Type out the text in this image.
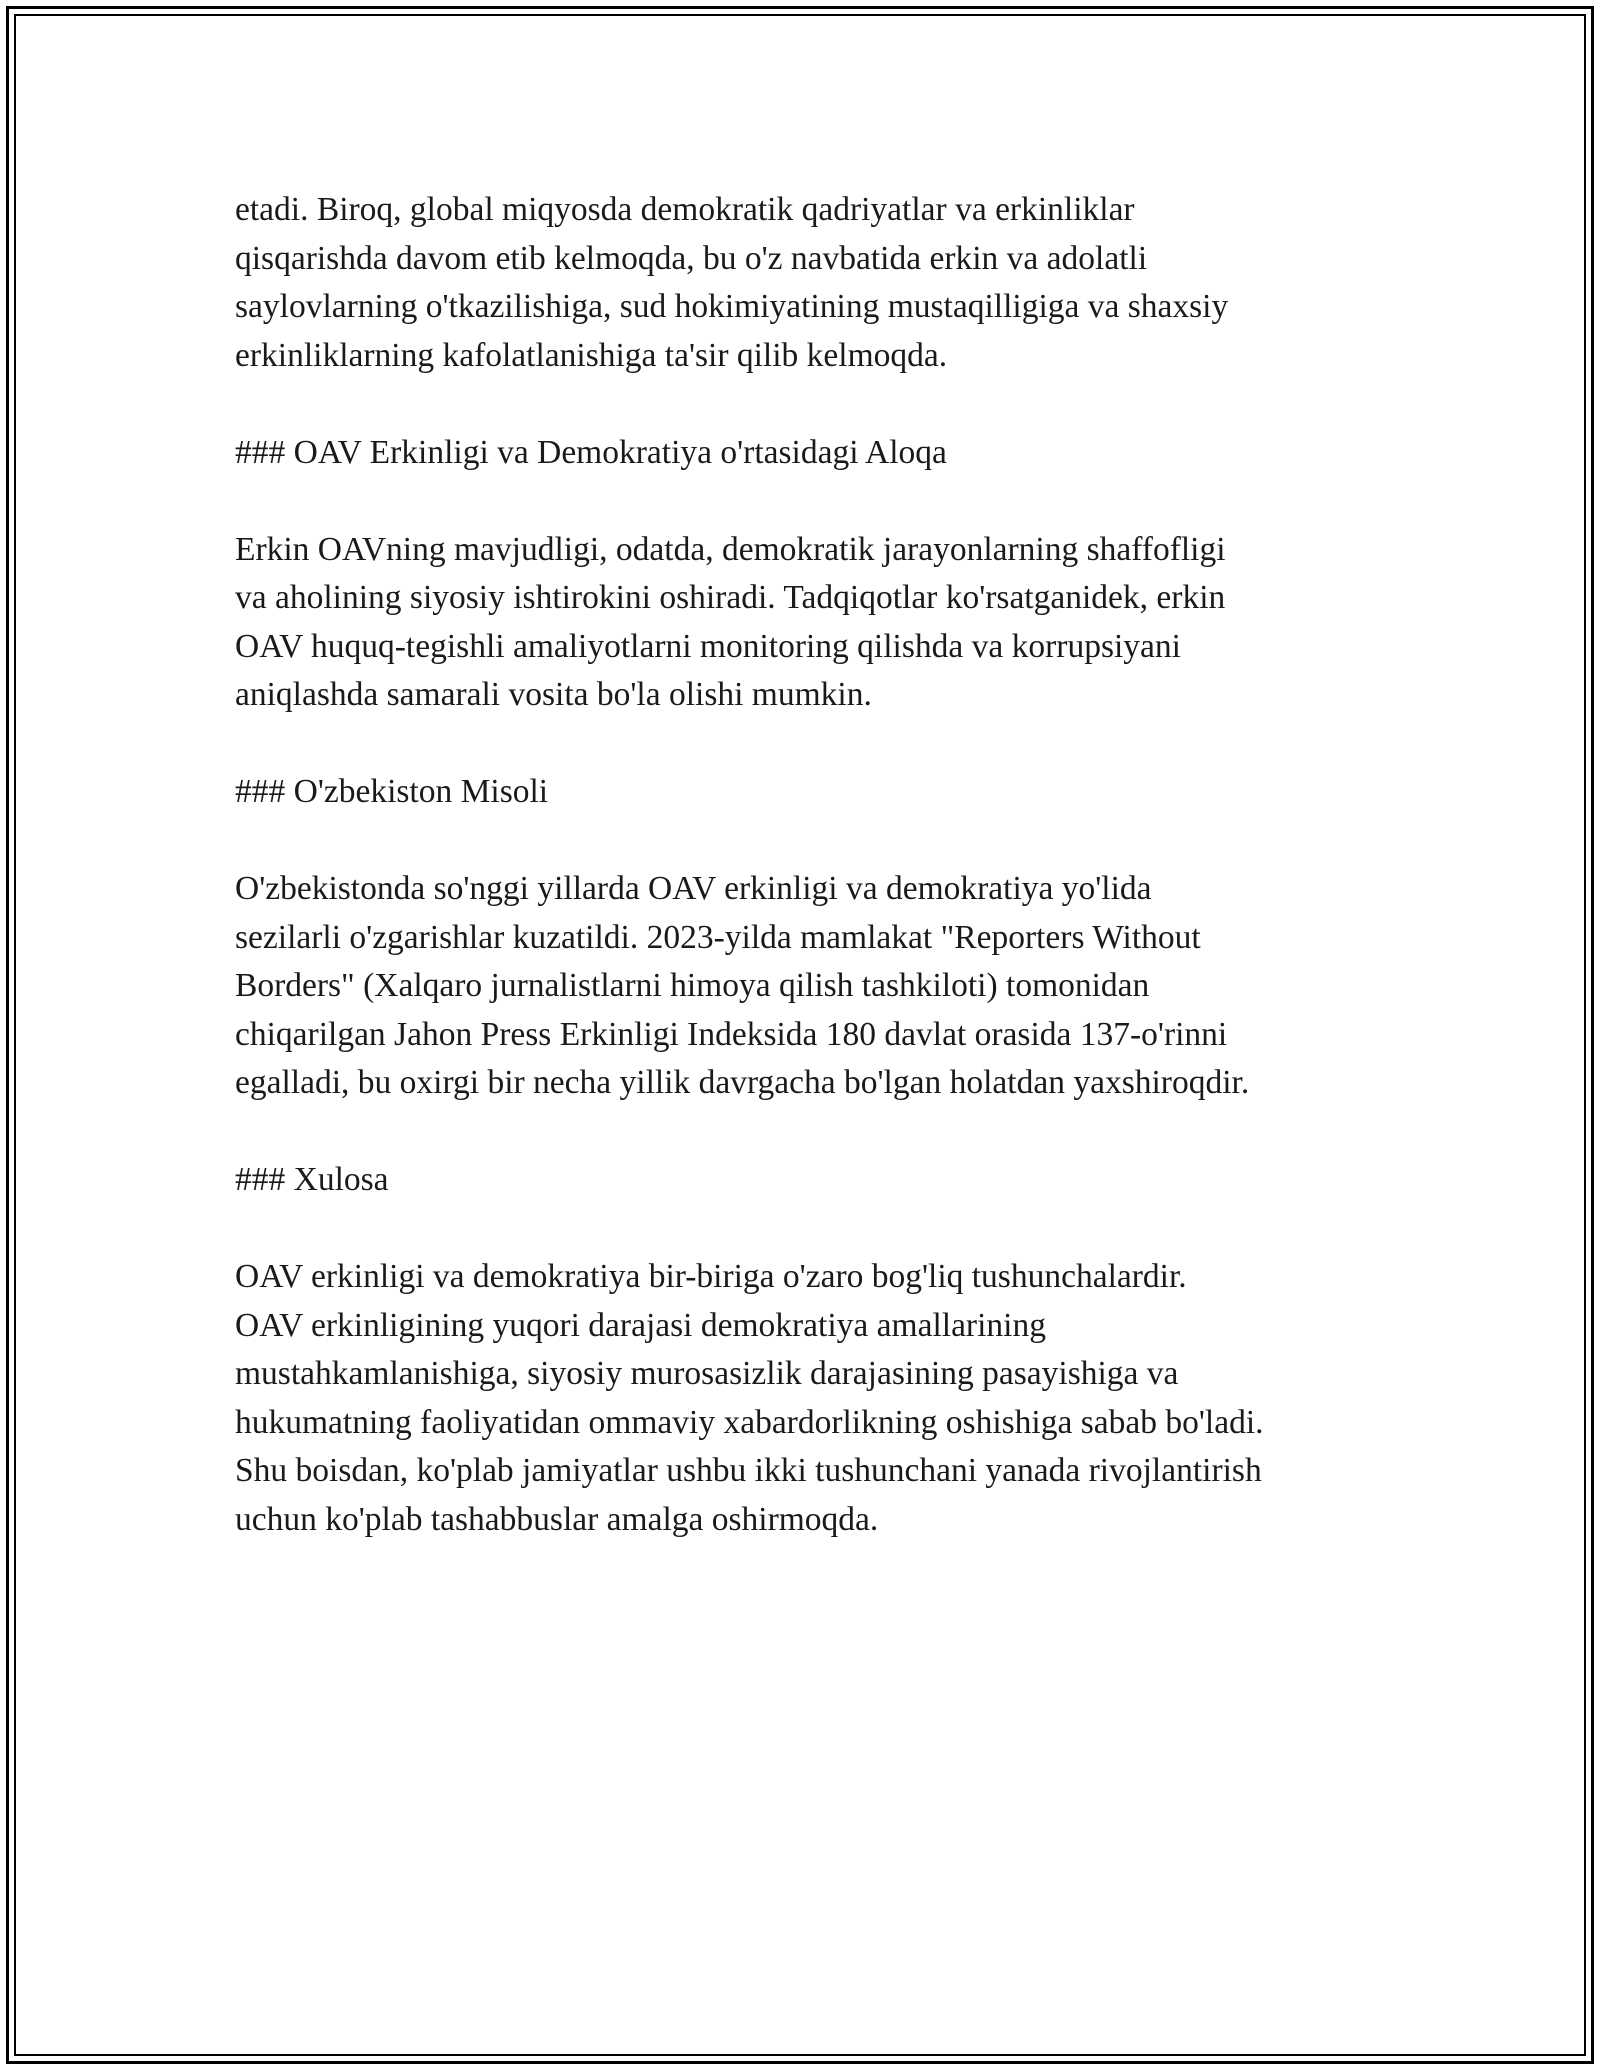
etadi. Biroq, global miqyosda demokratik qadriyatlar va erkinliklar
qisqarishda davom etib kelmoqda, bu o'z navbatida erkin va adolatli
saylovlarning o'tkazilishiga, sud hokimiyatining mustaqilligiga va shaxsiy
erkinliklarning kafolatlanishiga ta'sir qilib kelmoqda.

### OAV Erkinligi va Demokratiya o'rtasidagi Aloqa

Erkin OAVning mavjudligi, odatda, demokratik jarayonlarning shaffofligi
va aholining siyosiy ishtirokini oshiradi. Tadqiqotlar ko'rsatganidek, erkin
OAV huquq-tegishli amaliyotlarni monitoring qilishda va korrupsiyani
aniqlashda samarali vosita bo'la olishi mumkin.

### O'zbekiston Misoli

O'zbekistonda so'nggi yillarda OAV erkinligi va demokratiya yo'lida
sezilarli o'zgarishlar kuzatildi. 2023-yilda mamlakat "Reporters Without
Borders" (Xalqaro jurnalistlarni himoya qilish tashkiloti) tomonidan
chiqarilgan Jahon Press Erkinligi Indeksida 180 davlat orasida 137-o'rinni
egalladi, bu oxirgi bir necha yillik davrgacha bo'lgan holatdan yaxshiroqdir.

### Xulosa

OAV erkinligi va demokratiya bir-biriga o'zaro bog'liq tushunchalardir.
OAV erkinligining yuqori darajasi demokratiya amallarining
mustahkamlanishiga, siyosiy murosasizlik darajasining pasayishiga va
hukumatning faoliyatidan ommaviy xabardorlikning oshishiga sabab bo'ladi.
Shu boisdan, ko'plab jamiyatlar ushbu ikki tushunchani yanada rivojlantirish
uchun ko'plab tashabbuslar amalga oshirmoqda.
